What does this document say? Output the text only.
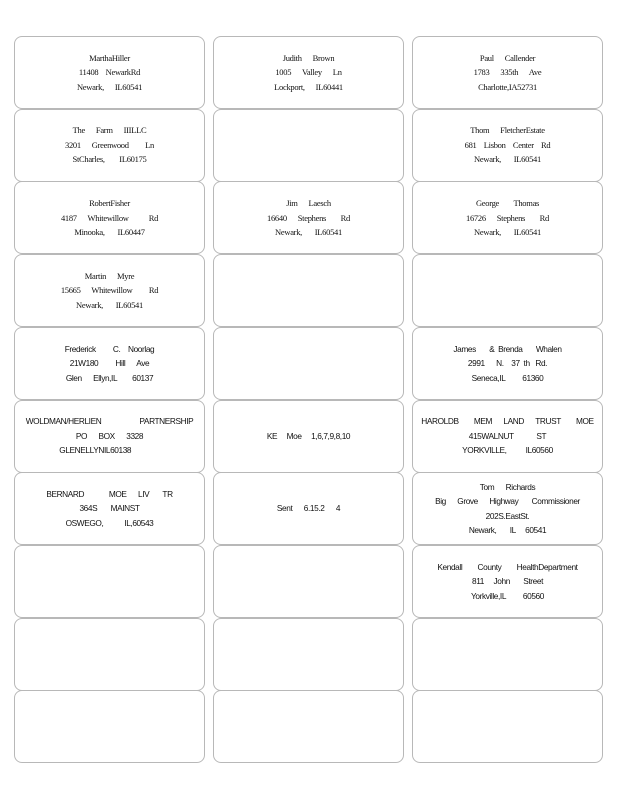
MarthaHiller
11408    NewarkRd
Newark,      IL60541
Judith      Brown
1005      Valley      Ln
Lockport,      IL60441
Paul      Callender
1783      335th      Ave
Charlotte,IA52731
The      Farm      IIILLC
3201      Greenwood         Ln
StCharles,        IL60175
Thom      FletcherEstate
681    Lisbon    Center    Rd
Newark,       IL60541
RobertFisher
4187      Whitewillow           Rd
Minooka,       IL60447
Jim      Laesch
16640      Stephens        Rd
Newark,       IL60541
George        Thomas
16726      Stephens        Rd
Newark,       IL60541
Martin      Myre
15665      Whitewillow         Rd
Newark,       IL60541
Frederick         C.    Noorlag
21W180         Hill      Ave
Glen      Ellyn,IL        60137
James       &  Brenda       Whalen
2991      N.    37  th   Rd.
Seneca,IL         61360
WOLDMAN/HERLIEN                    PARTNERSHIP
PO      BOX      3328
GLENELLYNIL60138
KE     Moe     1,6,7,9,8,10
HAROLDB        MEM      LAND      TRUST        MOE
415WALNUT            ST
YORKVILLE,          IL60560
BERNARD             MOE      LIV       TR
364S       MAINST
OSWEGO,           IL,60543
Sent      6.15.2      4
Tom      Richards
Big      Grove      Highway       Commissioner
202S.EastSt.
Newark,       IL     60541
Kendall        County        HealthDepartment
811     John       Street
Yorkville,IL         60560
